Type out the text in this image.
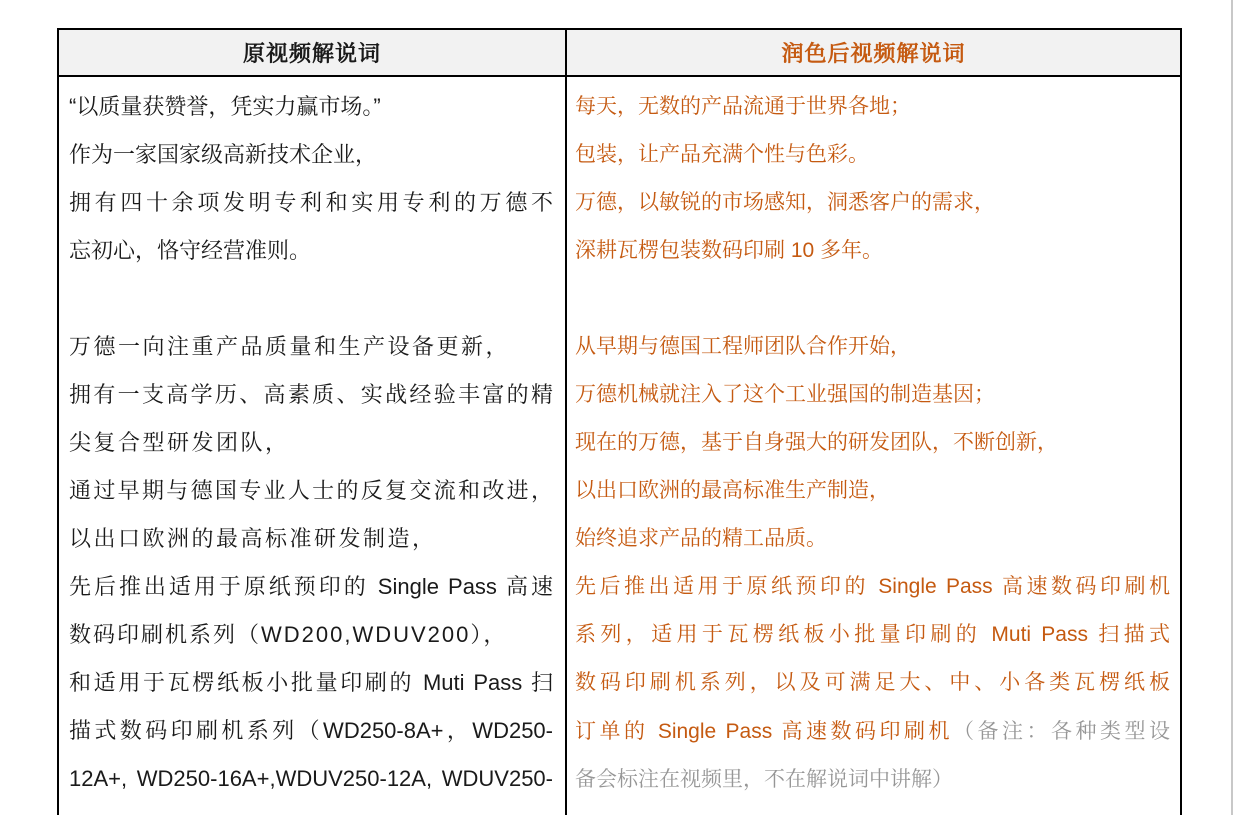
原视频解说词	润色后视频解说词
“以质量获赞誉，凭实力赢市场。”
作为一家国家级高新技术企业，
拥有四十余项发明专利和实用专利的万德不
忘初心，恪守经营准则。

万德一向注重产品质量和生产设备更新，
拥有一支高学历、高素质、实战经验丰富的精
尖复合型研发团队，
通过早期与德国专业人士的反复交流和改进，
以出口欧洲的最高标准研发制造，
先后推出适用于原纸预印的 Single Pass 高速
数码印刷机系列（WD200,WDUV200），
和适用于瓦楞纸板小批量印刷的 Muti Pass 扫
描式数码印刷机系列（WD250-8A+，WD250-
12A+, WD250-16A+,WDUV250-12A, WDUV250-
每天，无数的产品流通于世界各地；
包装，让产品充满个性与色彩。
万德，以敏锐的市场感知，洞悉客户的需求，
深耕瓦楞包装数码印刷 10 多年。

从早期与德国工程师团队合作开始，
万德机械就注入了这个工业强国的制造基因；
现在的万德，基于自身强大的研发团队，不断创新，
以出口欧洲的最高标准生产制造，
始终追求产品的精工品质。
先后推出适用于原纸预印的 Single Pass 高速数码印刷机
系列，适用于瓦楞纸板小批量印刷的 Muti Pass 扫描式
数码印刷机系列，以及可满足大、中、小各类瓦楞纸板
订单的 Single Pass 高速数码印刷机（备注：各种类型设
备会标注在视频里，不在解说词中讲解）
